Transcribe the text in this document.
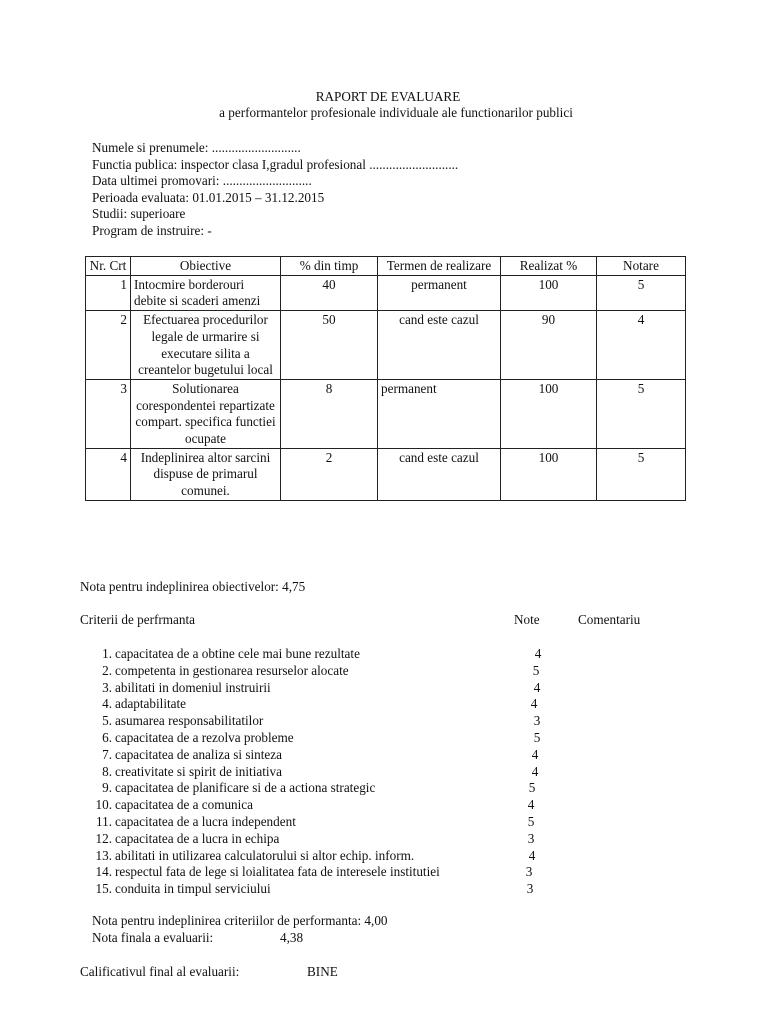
RAPORT DE EVALUARE
a performantelor profesionale individuale ale functionarilor publici
Numele si prenumele: ...........................
Functia publica: inspector clasa I,gradul profesional ...........................
Data ultimei promovari: ...........................
Perioada evaluata: 01.01.2015 – 31.12.2015
Studii: superioare
Program de instruire: -
Nr. Crt	Obiective	% din timp	Termen de realizare	Realizat %	Notare
1	Intocmire borderouri debite si scaderi amenzi	40	permanent	100	5
2	Efectuarea procedurilor legale de urmarire si executare silita a creantelor bugetului local	50	cand este cazul	90	4
3	Solutionarea corespondentei repartizate compart. specifica functiei ocupate	8	permanent	100	5
4	Indeplinirea altor sarcini dispuse de primarul comunei.	2	cand este cazul	100	5
Nota pentru indeplinirea obiectivelor: 4,75
Criterii de perfrmanta	Note	Comentariu
1. capacitatea de a obtine cele mai bune rezultate	4
2. competenta in gestionarea resurselor alocate	5
3. abilitati in domeniul instruirii	4
4. adaptabilitate	4
5. asumarea responsabilitatilor	3
6. capacitatea de a rezolva probleme	5
7. capacitatea de analiza si sinteza	4
8. creativitate si spirit de initiativa	4
9. capacitatea de planificare si de a actiona strategic	5
10. capacitatea de a comunica	4
11. capacitatea de a lucra independent	5
12. capacitatea de a lucra in echipa	3
13. abilitati in utilizarea calculatorului si altor echip. inform.	4
14. respectul fata de lege si loialitatea fata de interesele institutiei	3
15. conduita in timpul serviciului	3
Nota pentru indeplinirea criteriilor de performanta: 4,00
Nota finala a evaluarii:	4,38
Calificativul final al evaluarii:	BINE
